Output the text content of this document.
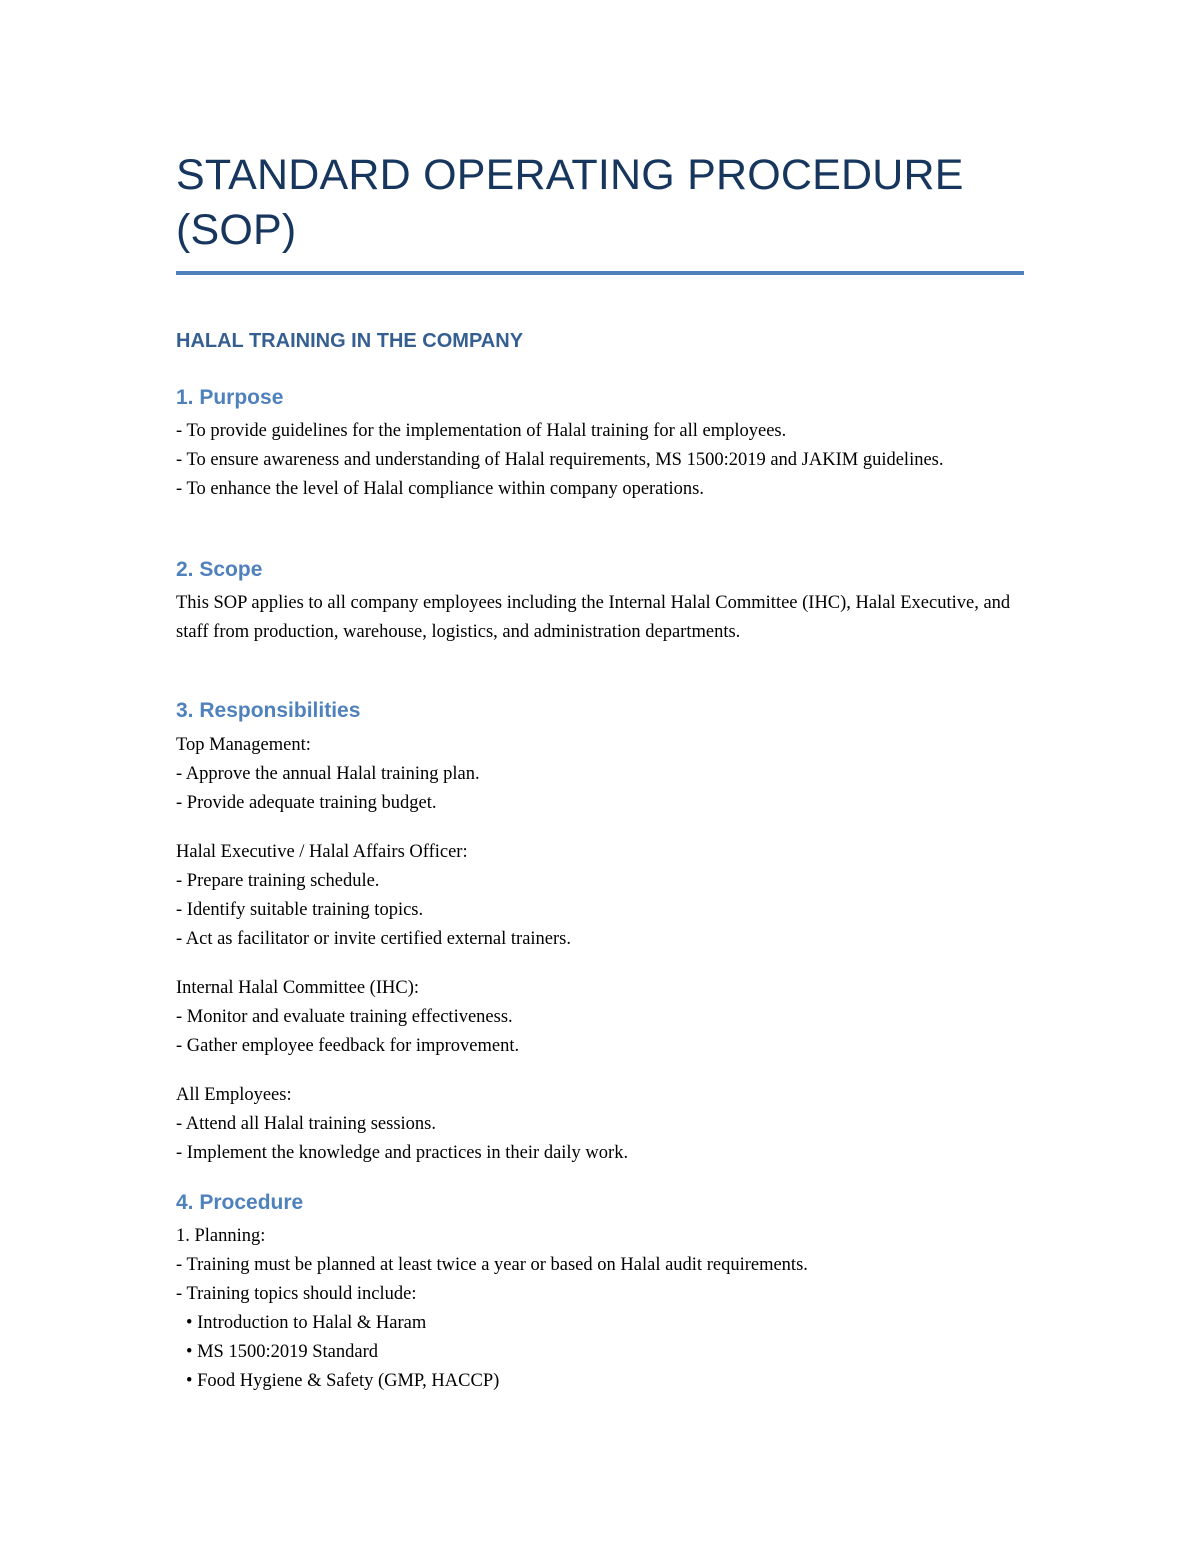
STANDARD OPERATING PROCEDURE (SOP)
HALAL TRAINING IN THE COMPANY
1. Purpose
- To provide guidelines for the implementation of Halal training for all employees.
- To ensure awareness and understanding of Halal requirements, MS 1500:2019 and JAKIM guidelines.
- To enhance the level of Halal compliance within company operations.
2. Scope
This SOP applies to all company employees including the Internal Halal Committee (IHC), Halal Executive, and staff from production, warehouse, logistics, and administration departments.
3. Responsibilities
Top Management:
- Approve the annual Halal training plan.
- Provide adequate training budget.
Halal Executive / Halal Affairs Officer:
- Prepare training schedule.
- Identify suitable training topics.
- Act as facilitator or invite certified external trainers.
Internal Halal Committee (IHC):
- Monitor and evaluate training effectiveness.
- Gather employee feedback for improvement.
All Employees:
- Attend all Halal training sessions.
- Implement the knowledge and practices in their daily work.
4. Procedure
1. Planning:
- Training must be planned at least twice a year or based on Halal audit requirements.
- Training topics should include:
• Introduction to Halal & Haram
• MS 1500:2019 Standard
• Food Hygiene & Safety (GMP, HACCP)
